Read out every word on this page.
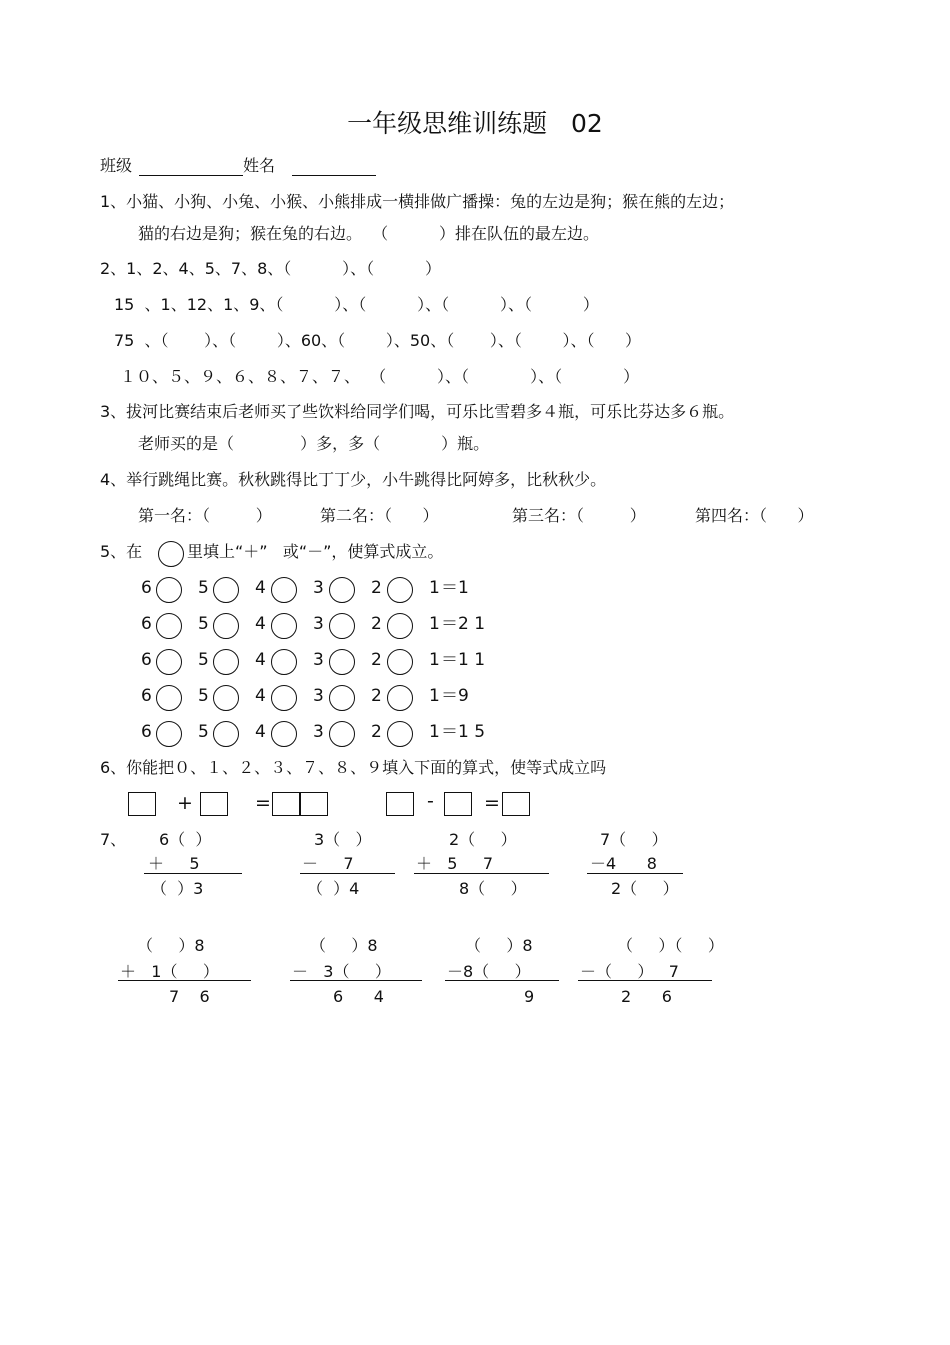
一年级思维训练题   02
班级	姓名
1、小猫、小狗、小兔、小猴、小熊排成一横排做广播操：兔的左边是狗；猴在熊的左边；
猫的右边是狗；猴在兔的右边。  （          ）排在队伍的最左边。
2、1、2、4、5、7、8、（          ）、（          ）
15  、1、12、1、9、（          ）、（          ）、（          ）、（          ）
75  、（       ）、（        ）、60、（        ）、50、（       ）、（        ）、（      ）
１０、５、９、６、８、７、７、  （          ）、（            ）、（            ）
3、拔河比赛结束后老师买了些饮料给同学们喝，可乐比雪碧多４瓶，可乐比芬达多６瓶。
老师买的是（             ）多，多（            ）瓶。
4、举行跳绳比赛。秋秋跳得比丁丁少，小牛跳得比阿婷多，比秋秋少。
第一名：（         ）	第二名：（      ）	第三名：（         ）	第四名：（      ）
5、在	里填上“＋”   或“－”，使算式成立。
6	5	4	3	2	1 ＝1
6	5	4	3	2	1 ＝2 1
6	5	4	3	2	1 ＝1 1
6	5	4	3	2	1 ＝9
6	5	4	3	2	1 ＝1 5
6、你能把０、１、２、３、７、８、９填入下面的算式，使等式成立吗
+	=	-	=
7、 6（  ）
＋     5
（  ）3
3（   ）
－     7
（  ）4
2（     ）
＋   5     7
8（     ）
7（     ）
－4      8
2（     ）
（     ）8
＋   1（     ）
7    6
（     ）8
－   3（     ）
6      4
（     ）8
－8（     ）
9
（     ）（     ）
－（     ）   7
2      6
